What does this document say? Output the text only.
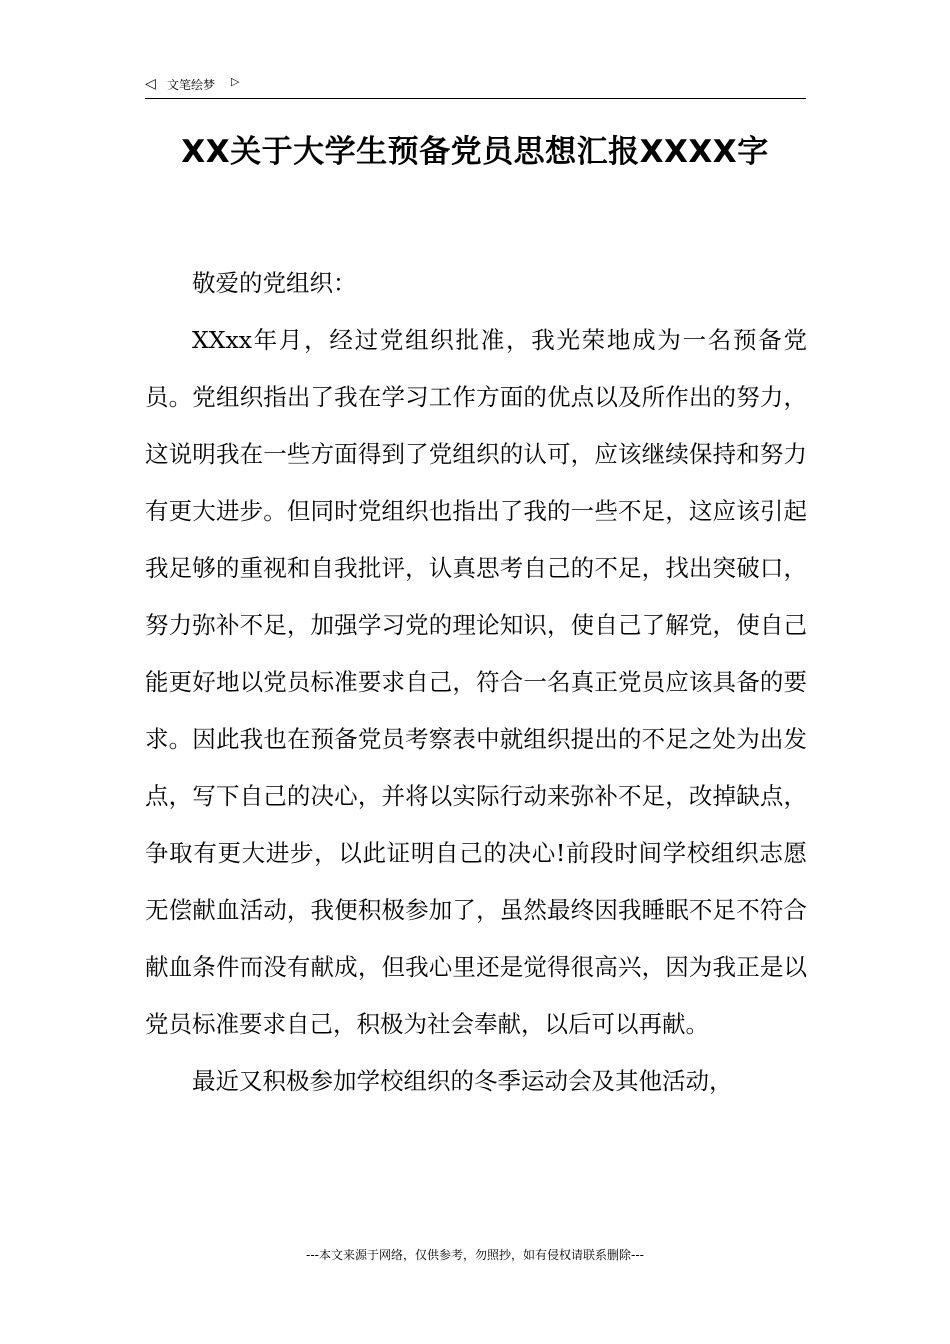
◁ 文笔绘梦 ▷
XX关于大学生预备党员思想汇报XXXX字

敬爱的党组织：

XXxx年月，经过党组织批准，我光荣地成为一名预备党员。党组织指出了我在学习工作方面的优点以及所作出的努力，这说明我在一些方面得到了党组织的认可，应该继续保持和努力有更大进步。但同时党组织也指出了我的一些不足，这应该引起我足够的重视和自我批评，认真思考自己的不足，找出突破口，努力弥补不足，加强学习党的理论知识，使自己了解党，使自己能更好地以党员标准要求自己，符合一名真正党员应该具备的要求。因此我也在预备党员考察表中就组织提出的不足之处为出发点，写下自己的决心，并将以实际行动来弥补不足，改掉缺点，争取有更大进步，以此证明自己的决心!前段时间学校组织志愿无偿献血活动，我便积极参加了，虽然最终因我睡眠不足不符合献血条件而没有献成，但我心里还是觉得很高兴，因为我正是以党员标准要求自己，积极为社会奉献，以后可以再献。

最近又积极参加学校组织的冬季运动会及其他活动，

---本文来源于网络，仅供参考，勿照抄，如有侵权请联系删除---
